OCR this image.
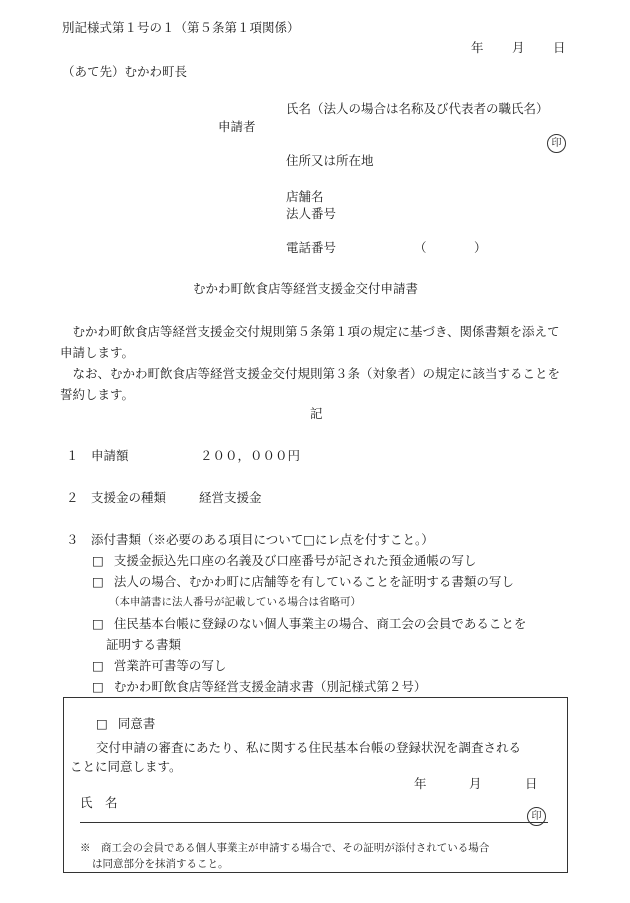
別記様式第１号の１（第５条第１項関係）
年 月 日
（あて先）むかわ町長
氏名（法人の場合は名称及び代表者の職氏名）
申請者
印
住所又は所在地
店舗名
法人番号
電話番号	（	）
むかわ町飲食店等経営支援金交付申請書
むかわ町飲食店等経営支援金交付規則第５条第１項の規定に基づき、関係書類を添えて申請します。
なお、むかわ町飲食店等経営支援金交付規則第３条（対象者）の規定に該当することを誓約します。
記
１　申請額	２００，０００円
２　支援金の種類	経営支援金
３　添付書類（※必要のある項目について□にレ点を付すこと。）
□ 支援金振込先口座の名義及び口座番号が記された預金通帳の写し
□ 法人の場合、むかわ町に店舗等を有していることを証明する書類の写し
（本申請書に法人番号が記載している場合は省略可）
□ 住民基本台帳に登録のない個人事業主の場合、商工会の会員であることを
証明する書類
□ 営業許可書等の写し
□ むかわ町飲食店等経営支援金請求書（別記様式第２号）
□ 同意書
交付申請の審査にあたり、私に関する住民基本台帳の登録状況を調査される
ことに同意します。
年	月	日
氏　名
印
※　商工会の会員である個人事業主が申請する場合で、その証明が添付されている場合
は同意部分を抹消すること。
